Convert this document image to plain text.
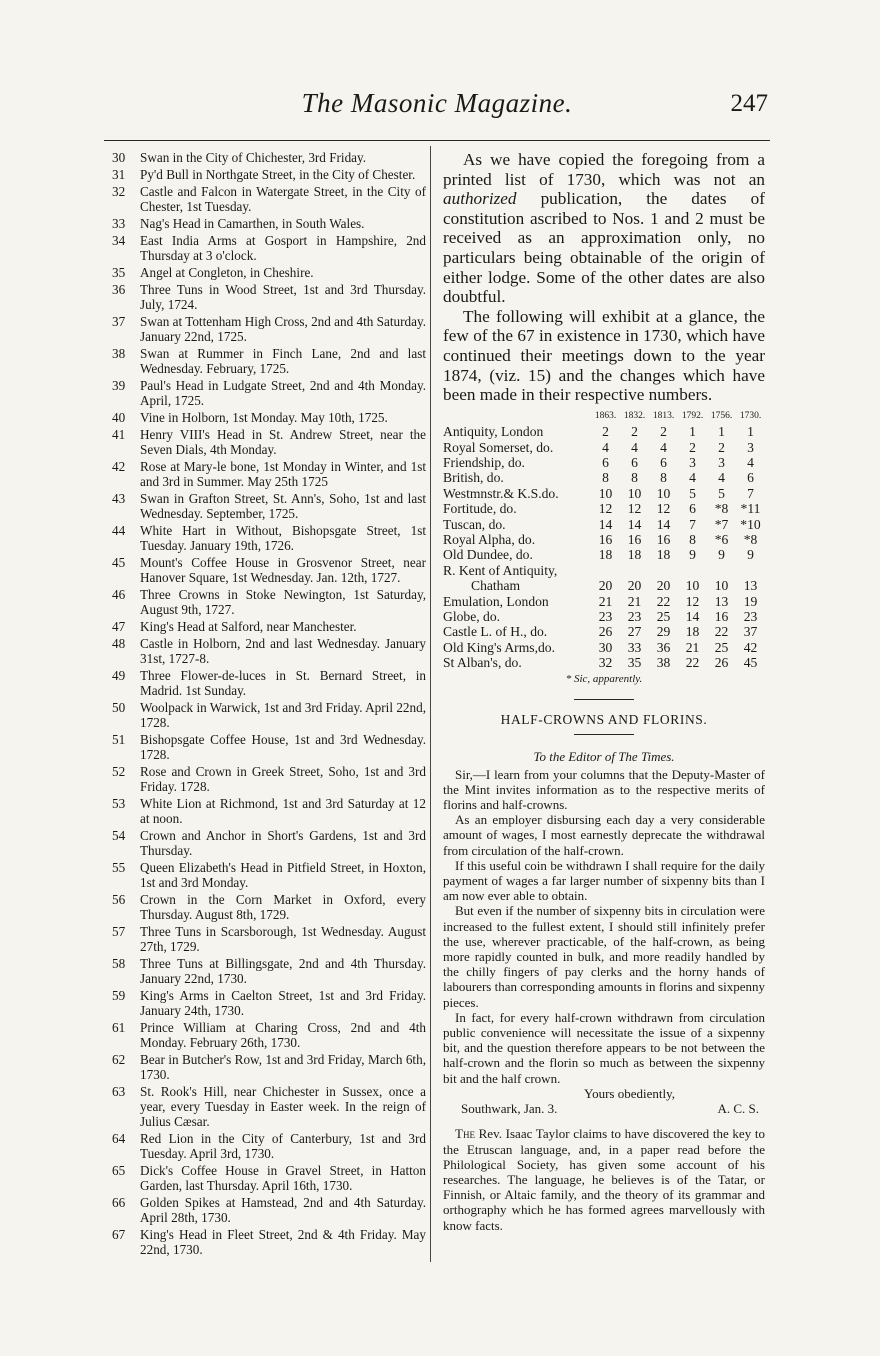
The Masonic Magazine.	247
30 Swan in the City of Chichester, 3rd Friday.
31 Py'd Bull in Northgate Street, in the City of Chester.
32 Castle and Falcon in Watergate Street, in the City of Chester, 1st Tuesday.
33 Nag's Head in Camarthen, in South Wales.
34 East India Arms at Gosport in Hampshire, 2nd Thursday at 3 o'clock.
35 Angel at Congleton, in Cheshire.
36 Three Tuns in Wood Street, 1st and 3rd Thursday. July, 1724.
37 Swan at Tottenham High Cross, 2nd and 4th Saturday. January 22nd, 1725.
38 Swan at Rummer in Finch Lane, 2nd and last Wednesday. February, 1725.
39 Paul's Head in Ludgate Street, 2nd and 4th Monday. April, 1725.
40 Vine in Holborn, 1st Monday. May 10th, 1725.
41 Henry VIII's Head in St. Andrew Street, near the Seven Dials, 4th Monday.
42 Rose at Mary-le bone, 1st Monday in Winter, and 1st and 3rd in Summer. May 25th 1725
43 Swan in Grafton Street, St. Ann's, Soho, 1st and last Wednesday. September, 1725.
44 White Hart in Without, Bishopsgate Street, 1st Tuesday. January 19th, 1726.
45 Mount's Coffee House in Grosvenor Street, near Hanover Square, 1st Wednesday. Jan. 12th, 1727.
46 Three Crowns in Stoke Newington, 1st Saturday, August 9th, 1727.
47 King's Head at Salford, near Manchester.
48 Castle in Holborn, 2nd and last Wednesday. January 31st, 1727-8.
49 Three Flower-de-luces in St. Bernard Street, in Madrid. 1st Sunday.
50 Woolpack in Warwick, 1st and 3rd Friday. April 22nd, 1728.
51 Bishopsgate Coffee House, 1st and 3rd Wednesday. 1728.
52 Rose and Crown in Greek Street, Soho, 1st and 3rd Friday. 1728.
53 White Lion at Richmond, 1st and 3rd Saturday at 12 at noon.
54 Crown and Anchor in Short's Gardens, 1st and 3rd Thursday.
55 Queen Elizabeth's Head in Pitfield Street, in Hoxton, 1st and 3rd Monday.
56 Crown in the Corn Market in Oxford, every Thursday. August 8th, 1729.
57 Three Tuns in Scarsborough, 1st Wednesday. August 27th, 1729.
58 Three Tuns at Billingsgate, 2nd and 4th Thursday. January 22nd, 1730.
59 King's Arms in Caelton Street, 1st and 3rd Friday. January 24th, 1730.
61 Prince William at Charing Cross, 2nd and 4th Monday. February 26th, 1730.
62 Bear in Butcher's Row, 1st and 3rd Friday, March 6th, 1730.
63 St. Rook's Hill, near Chichester in Sussex, once a year, every Tuesday in Easter week. In the reign of Julius Cæsar.
64 Red Lion in the City of Canterbury, 1st and 3rd Tuesday. April 3rd, 1730.
65 Dick's Coffee House in Gravel Street, in Hatton Garden, last Thursday. April 16th, 1730.
66 Golden Spikes at Hamstead, 2nd and 4th Saturday. April 28th, 1730.
67 King's Head in Fleet Street, 2nd & 4th Friday. May 22nd, 1730.

As we have copied the foregoing from a printed list of 1730, which was not an authorized publication, the dates of constitution ascribed to Nos. 1 and 2 must be received as an approximation only, no particulars being obtainable of the origin of either lodge. Some of the other dates are also doubtful.

The following will exhibit at a glance, the few of the 67 in existence in 1730, which have continued their meetings down to the year 1874, (viz. 15) and the changes which have been made in their respective numbers.

	1863.	1832.	1813.	1792.	1756.	1730.
Antiquity, London	2	2	2	1	1	1
Royal Somerset, do.	4	4	4	2	2	3
Friendship, do.	6	6	6	3	3	4
British, do.	8	8	8	4	4	6
Westmnstr.& K.S.do.	10	10	10	5	5	7
Fortitude, do.	12	12	12	6	*8	*11
Tuscan, do.	14	14	14	7	*7	*10
Royal Alpha, do.	16	16	16	8	*6	*8
Old Dundee, do.	18	18	18	9	9	9
R. Kent of Antiquity,						
Chatham	20	20	20	10	10	13
Emulation, London	21	21	22	12	13	19
Globe, do.	23	23	25	14	16	23
Castle L. of H., do.	26	27	29	18	22	37
Old King's Arms,do.	30	33	36	21	25	42
St Alban's, do.	32	35	38	22	26	45
* Sic, apparently.
HALF-CROWNS AND FLORINS.
To the Editor of The Times.

Sir,—I learn from your columns that the Deputy-Master of the Mint invites information as to the respective merits of florins and half-crowns.

As an employer disbursing each day a very considerable amount of wages, I most earnestly deprecate the withdrawal from circulation of the half-crown.

If this useful coin be withdrawn I shall require for the daily payment of wages a far larger number of sixpenny bits than I am now ever able to obtain.

But even if the number of sixpenny bits in circulation were increased to the fullest extent, I should still infinitely prefer the use, wherever practicable, of the half-crown, as being more rapidly counted in bulk, and more readily handled by the chilly fingers of pay clerks and the horny hands of labourers than corresponding amounts in florins and sixpenny pieces.

In fact, for every half-crown withdrawn from circulation public convenience will necessitate the issue of a sixpenny bit, and the question therefore appears to be not between the half-crown and the florin so much as between the sixpenny bit and the half crown.

Yours obediently,

Southwark, Jan. 3.	A. C. S.

The Rev. Isaac Taylor claims to have discovered the key to the Etruscan language, and, in a paper read before the Philological Society, has given some account of his researches. The language, he believes is of the Tatar, or Finnish, or Altaic family, and the theory of its grammar and orthography which he has formed agrees marvellously with know facts.
